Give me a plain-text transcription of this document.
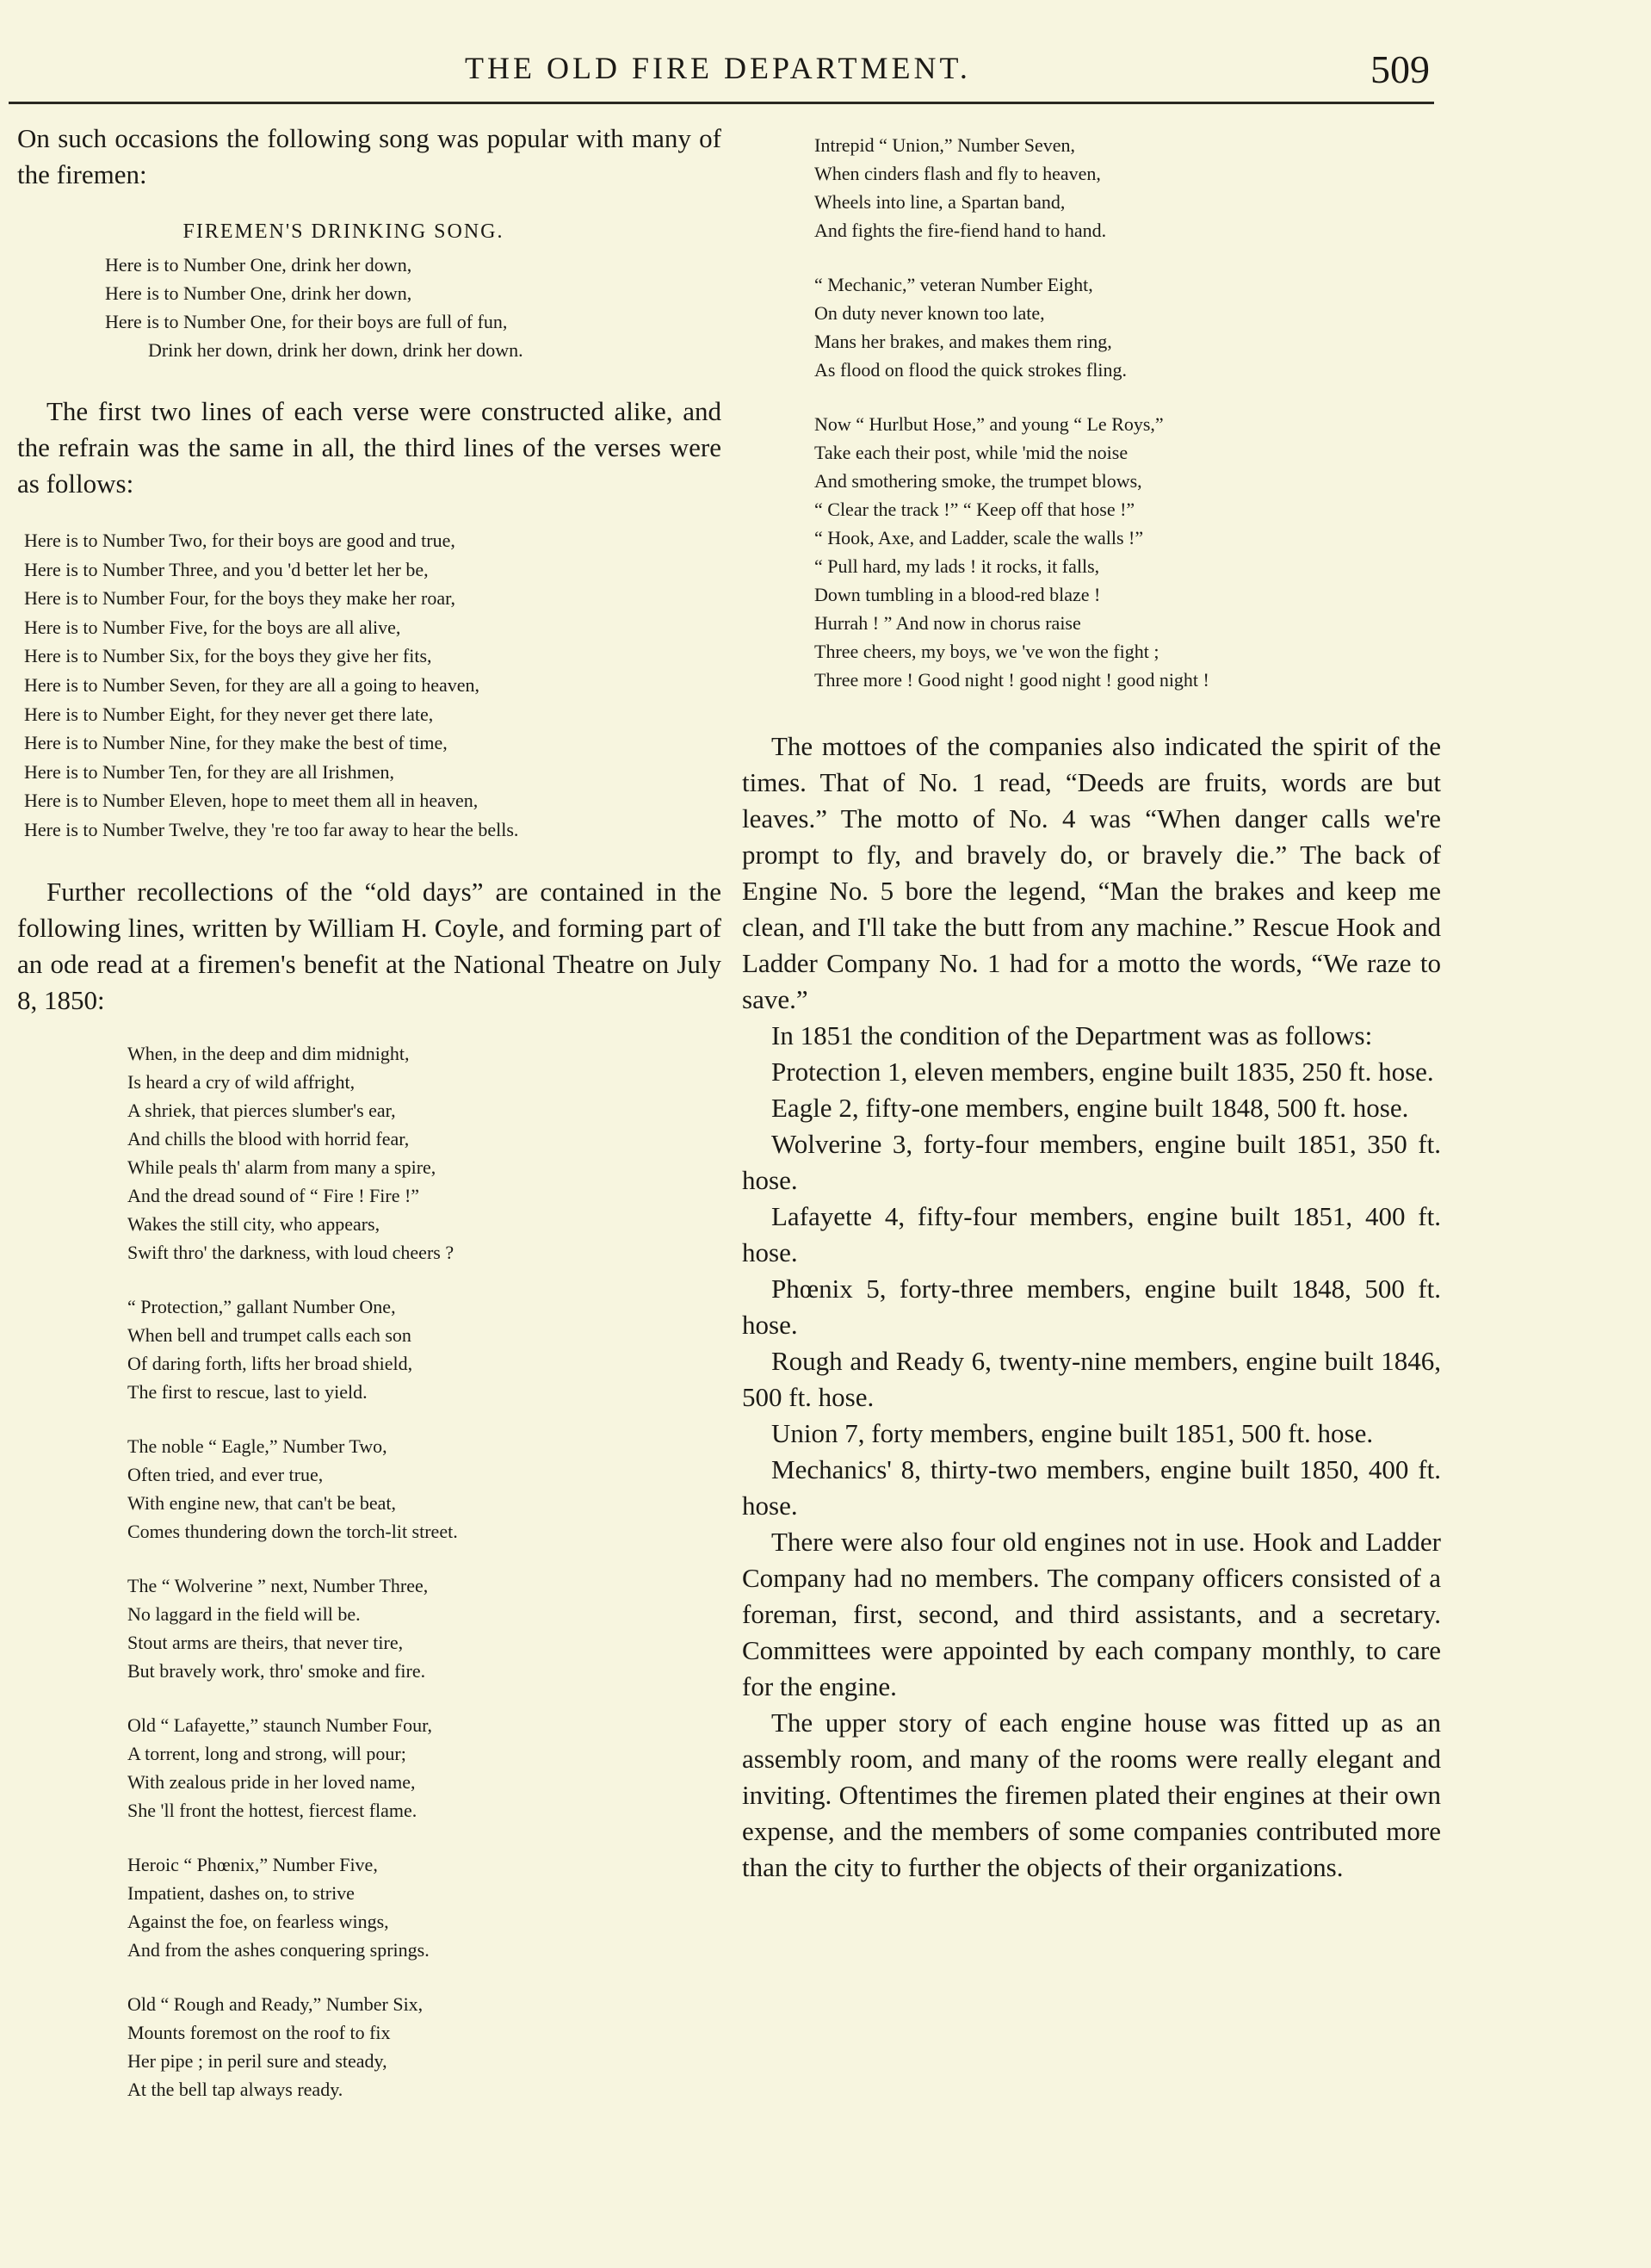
THE OLD FIRE DEPARTMENT.	509

On such occasions the following song was popular with many of the firemen:

FIREMEN'S DRINKING SONG.
Here is to Number One, drink her down,
Here is to Number One, drink her down,
Here is to Number One, for their boys are full of fun,
Drink her down, drink her down, drink her down.

The first two lines of each verse were constructed alike, and the refrain was the same in all, the third lines of the verses were as follows:

Here is to Number Two, for their boys are good and true,
Here is to Number Three, and you 'd better let her be,
Here is to Number Four, for the boys they make her roar,
Here is to Number Five, for the boys are all alive,
Here is to Number Six, for the boys they give her fits,
Here is to Number Seven, for they are all a going to heaven,
Here is to Number Eight, for they never get there late,
Here is to Number Nine, for they make the best of time,
Here is to Number Ten, for they are all Irishmen,
Here is to Number Eleven, hope to meet them all in heaven,
Here is to Number Twelve, they 're too far away to hear the bells.

Further recollections of the “old days” are contained in the following lines, written by William H. Coyle, and forming part of an ode read at a firemen's benefit at the National Theatre on July 8, 1850:

When, in the deep and dim midnight,
Is heard a cry of wild affright,
A shriek, that pierces slumber's ear,
And chills the blood with horrid fear,
While peals th' alarm from many a spire,
And the dread sound of “ Fire ! Fire !”
Wakes the still city, who appears,
Swift thro' the darkness, with loud cheers ?
“ Protection,” gallant Number One,
When bell and trumpet calls each son
Of daring forth, lifts her broad shield,
The first to rescue, last to yield.
The noble “ Eagle,” Number Two,
Often tried, and ever true,
With engine new, that can't be beat,
Comes thundering down the torch-lit street.
The “ Wolverine ” next, Number Three,
No laggard in the field will be.
Stout arms are theirs, that never tire,
But bravely work, thro' smoke and fire.
Old “ Lafayette,” staunch Number Four,
A torrent, long and strong, will pour;
With zealous pride in her loved name,
She 'll front the hottest, fiercest flame.
Heroic “ Phœnix,” Number Five,
Impatient, dashes on, to strive
Against the foe, on fearless wings,
And from the ashes conquering springs.
Old “ Rough and Ready,” Number Six,
Mounts foremost on the roof to fix
Her pipe ; in peril sure and steady,
At the bell tap always ready.
Intrepid “ Union,” Number Seven,
When cinders flash and fly to heaven,
Wheels into line, a Spartan band,
And fights the fire-fiend hand to hand.
“ Mechanic,” veteran Number Eight,
On duty never known too late,
Mans her brakes, and makes them ring,
As flood on flood the quick strokes fling.
Now “ Hurlbut Hose,” and young “ Le Roys,”
Take each their post, while 'mid the noise
And smothering smoke, the trumpet blows,
“ Clear the track !” “ Keep off that hose !”
“ Hook, Axe, and Ladder, scale the walls !”
“ Pull hard, my lads ! it rocks, it falls,
Down tumbling in a blood-red blaze !
Hurrah ! ” And now in chorus raise
Three cheers, my boys, we 've won the fight ;
Three more ! Good night ! good night ! good night !

The mottoes of the companies also indicated the spirit of the times. That of No. 1 read, “Deeds are fruits, words are but leaves.” The motto of No. 4 was “When danger calls we're prompt to fly, and bravely do, or bravely die.” The back of Engine No. 5 bore the legend, “Man the brakes and keep me clean, and I'll take the butt from any machine.” Rescue Hook and Ladder Company No. 1 had for a motto the words, “We raze to save.”

In 1851 the condition of the Department was as follows:

Protection 1, eleven members, engine built 1835, 250 ft. hose.

Eagle 2, fifty-one members, engine built 1848, 500 ft. hose.

Wolverine 3, forty-four members, engine built 1851, 350 ft. hose.

Lafayette 4, fifty-four members, engine built 1851, 400 ft. hose.

Phœnix 5, forty-three members, engine built 1848, 500 ft. hose.

Rough and Ready 6, twenty-nine members, engine built 1846, 500 ft. hose.

Union 7, forty members, engine built 1851, 500 ft. hose.

Mechanics' 8, thirty-two members, engine built 1850, 400 ft. hose.

There were also four old engines not in use. Hook and Ladder Company had no members. The company officers consisted of a foreman, first, second, and third assistants, and a secretary. Committees were appointed by each company monthly, to care for the engine.

The upper story of each engine house was fitted up as an assembly room, and many of the rooms were really elegant and inviting. Oftentimes the firemen plated their engines at their own expense, and the members of some companies contributed more than the city to further the objects of their organizations.
